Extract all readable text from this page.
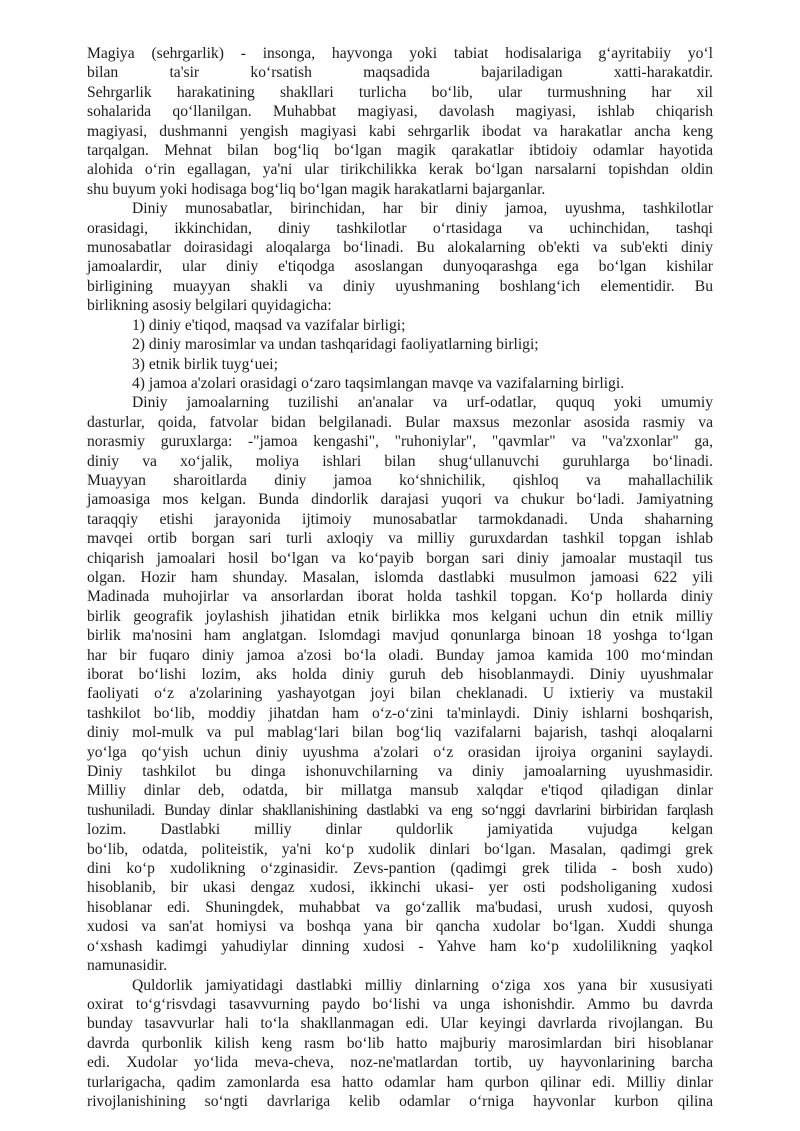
Magiya (sehrgarlik) - insonga, hayvonga yoki tabiat hodisalariga g‘ayritabiiy yo‘l

bilan ta'sir ko‘rsatish maqsadida bajariladigan xatti-harakatdir.

Sehrgarlik harakatining shakllari turlicha bo‘lib, ular turmushning har xil

sohalarida qo‘llanilgan. Muhabbat magiyasi, davolash magiyasi, ishlab chiqarish

magiyasi, dushmanni yengish magiyasi kabi sehrgarlik ibodat va harakatlar ancha keng

tarqalgan. Mehnat bilan bog‘liq bo‘lgan magik qarakatlar ibtidoiy odamlar hayotida

alohida o‘rin egallagan, ya'ni ular tirikchilikka kerak bo‘lgan narsalarni topishdan oldin

shu buyum yoki hodisaga bog‘liq bo‘lgan magik harakatlarni bajarganlar.

Diniy munosabatlar, birinchidan, har bir diniy jamoa, uyushma, tashkilotlar

orasidagi, ikkinchidan, diniy tashkilotlar o‘rtasidaga va uchinchidan, tashqi

munosabatlar doirasidagi aloqalarga bo‘linadi. Bu alokalarning ob'ekti va sub'ekti diniy

jamoalardir, ular diniy e'tiqodga asoslangan dunyoqarashga ega bo‘lgan kishilar

birligining muayyan shakli va diniy uyushmaning boshlang‘ich elementidir. Bu

birlikning asosiy belgilari quyidagicha:

1) diniy e'tiqod, maqsad va vazifalar birligi;

2) diniy marosimlar va undan tashqaridagi faoliyatlarning birligi;

3) etnik birlik tuyg‘uei;

4) jamoa a'zolari orasidagi o‘zaro taqsimlangan mavqe va vazifalarning birligi.

Diniy jamoalarning tuzilishi an'analar va urf-odatlar, ququq yoki umumiy

dasturlar, qoida, fatvolar bidan belgilanadi. Bular maxsus mezonlar asosida rasmiy va

norasmiy guruxlarga: -"jamoa kengashi", "ruhoniylar", "qavmlar" va "va'zxonlar" ga,

diniy va xo‘jalik, moliya ishlari bilan shug‘ullanuvchi guruhlarga bo‘linadi.

Muayyan sharoitlarda diniy jamoa ko‘shnichilik, qishloq va mahallachilik

jamoasiga mos kelgan. Bunda dindorlik darajasi yuqori va chukur bo‘ladi. Jamiyatning

taraqqiy etishi jarayonida ijtimoiy munosabatlar tarmokdanadi. Unda shaharning

mavqei ortib borgan sari turli axloqiy va milliy guruxdardan tashkil topgan ishlab

chiqarish jamoalari hosil bo‘lgan va ko‘payib borgan sari diniy jamoalar mustaqil tus

olgan. Hozir ham shunday. Masalan, islomda dastlabki musulmon jamoasi 622 yili

Madinada muhojirlar va ansorlardan iborat holda tashkil topgan. Ko‘p hollarda diniy

birlik geografik joylashish jihatidan etnik birlikka mos kelgani uchun din etnik milliy

birlik ma'nosini ham anglatgan. Islomdagi mavjud qonunlarga binoan 18 yoshga to‘lgan

har bir fuqaro diniy jamoa a'zosi bo‘la oladi. Bunday jamoa kamida 100 mo‘mindan

iborat bo‘lishi lozim, aks holda diniy guruh deb hisoblanmaydi. Diniy uyushmalar

faoliyati o‘z a'zolarining yashayotgan joyi bilan cheklanadi. U ixtieriy va mustakil

tashkilot bo‘lib, moddiy jihatdan ham o‘z-o‘zini ta'minlaydi. Diniy ishlarni boshqarish,

diniy mol-mulk va pul mablag‘lari bilan bog‘liq vazifalarni bajarish, tashqi aloqalarni

yo‘lga qo‘yish uchun diniy uyushma a'zolari o‘z orasidan ijroiya organini saylaydi.

Diniy tashkilot bu dinga ishonuvchilarning va diniy jamoalarning uyushmasidir.

Milliy dinlar deb, odatda, bir millatga mansub xalqdar e'tiqod qiladigan dinlar

tushuniladi. Bunday dinlar shakllanishining dastlabki va eng so‘nggi davrlarini birbiridan farqlash

lozim. Dastlabki milliy dinlar quldorlik jamiyatida vujudga kelgan

bo‘lib, odatda, politeistik, ya'ni ko‘p xudolik dinlari bo‘lgan. Masalan, qadimgi grek

dini ko‘p xudolikning o‘zginasidir. Zevs-pantion (qadimgi grek tilida - bosh xudo)

hisoblanib, bir ukasi dengaz xudosi, ikkinchi ukasi- yer osti podsholiganing xudosi

hisoblanar edi. Shuningdek, muhabbat va go‘zallik ma'budasi, urush xudosi, quyosh

xudosi va san'at homiysi va boshqa yana bir qancha xudolar bo‘lgan. Xuddi shunga

o‘xshash kadimgi yahudiylar dinning xudosi - Yahve ham ko‘p xudolilikning yaqkol

namunasidir.

Quldorlik jamiyatidagi dastlabki milliy dinlarning o‘ziga xos yana bir xususiyati

oxirat to‘g‘risvdagi tasavvurning paydo bo‘lishi va unga ishonishdir. Ammo bu davrda

bunday tasavvurlar hali to‘la shakllanmagan edi. Ular keyingi davrlarda rivojlangan. Bu

davrda qurbonlik kilish keng rasm bo‘lib hatto majburiy marosimlardan biri hisoblanar

edi. Xudolar yo‘lida meva-cheva, noz-ne'matlardan tortib, uy hayvonlarining barcha

turlarigacha, qadim zamonlarda esa hatto odamlar ham qurbon qilinar edi. Milliy dinlar

rivojlanishining so‘ngti davrlariga kelib odamlar o‘rniga hayvonlar kurbon qilina
